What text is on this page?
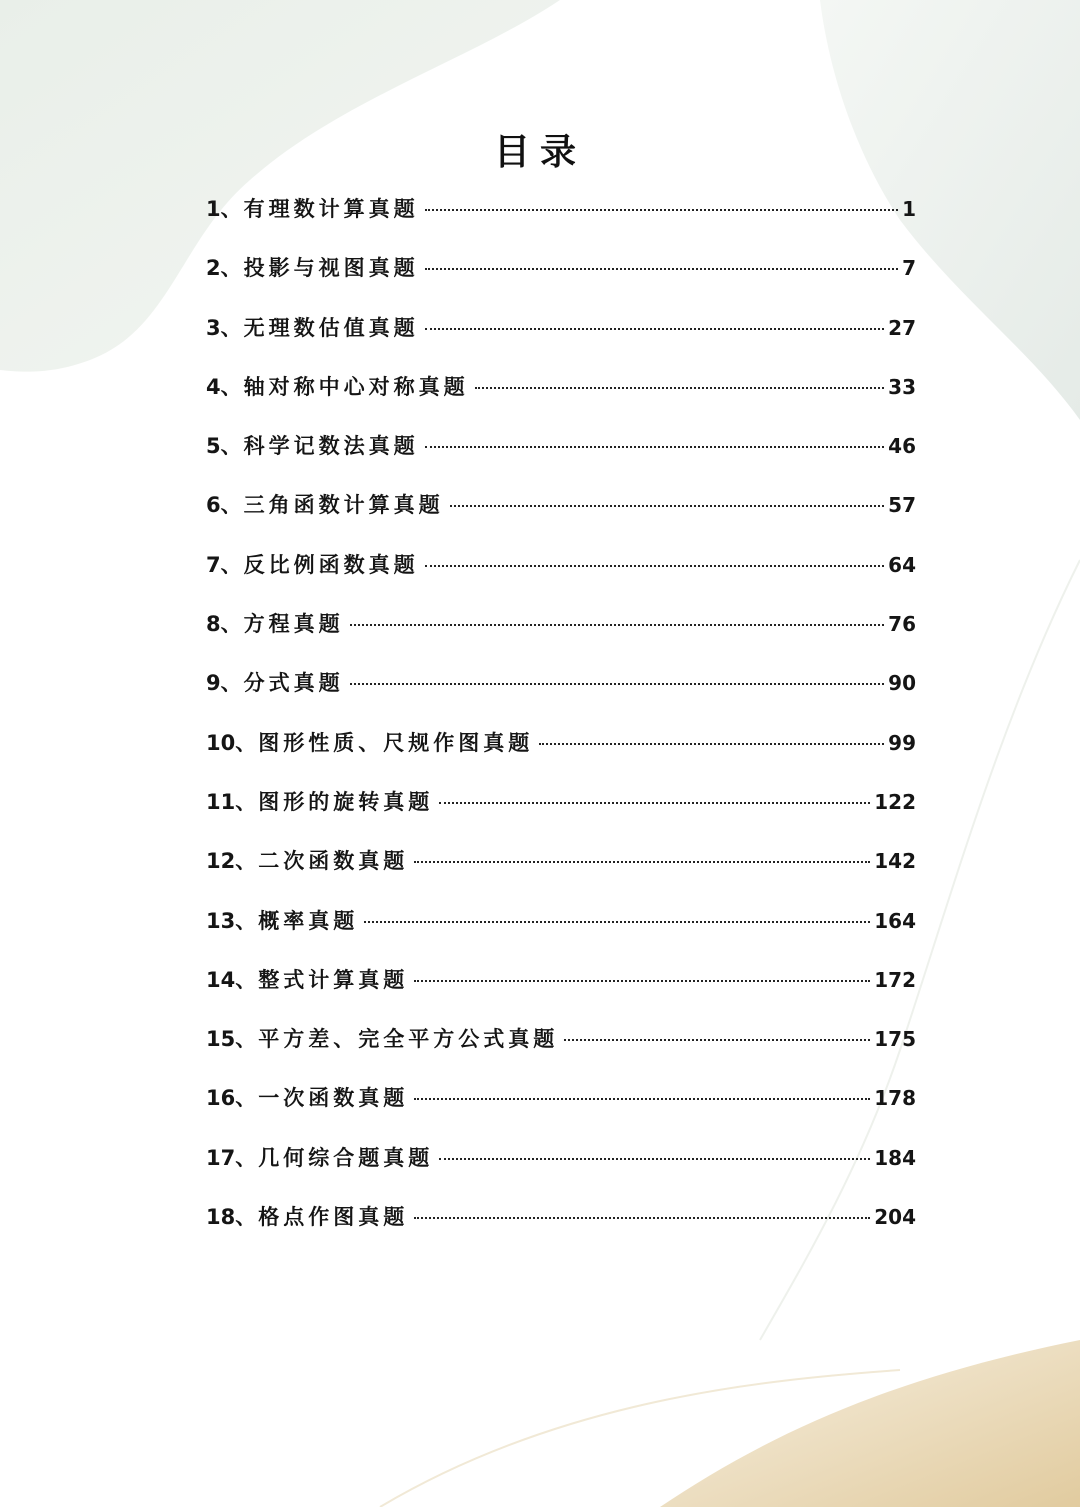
目录
1、 有理数计算真题	1
2、 投影与视图真题	7
3、 无理数估值真题	27
4、 轴对称中心对称真题	33
5、 科学记数法真题	46
6、 三角函数计算真题	57
7、 反比例函数真题	64
8、 方程真题	76
9、 分式真题	90
10、 图形性质、尺规作图真题	99
11、 图形的旋转真题	122
12、 二次函数真题	142
13、 概率真题	164
14、 整式计算真题	172
15、 平方差、完全平方公式真题	175
16、 一次函数真题	178
17、 几何综合题真题	184
18、 格点作图真题	204
